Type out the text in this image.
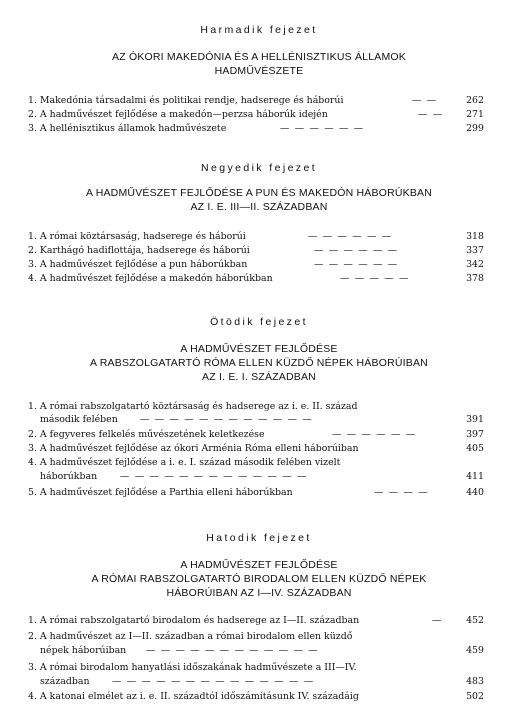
Harmadik fejezet
AZ ÓKORI MAKEDÓNIA ÉS A HELLÉNISZTIKUS ÁLLAMOK
HADMŰVÉSZETE
1. Makedónia társadalmi és politikai rendje, hadserege és háborúi	— —	262
2. A hadművészet fejlődése a makedón—perzsa háborúk idején	— — 271
3. A hellénisztikus államok hadművészete	— — — — — —	299
Negyedik fejezet
A HADMŰVÉSZET FEJLŐDÉSE A PUN ÉS MAKEDÓN HÁBORÚKBAN
AZ I. E. III—II. SZÁZADBAN
1. A római köztársaság, hadserege és háborúi	— — — — — —	318
2. Karthágó hadiflottája, hadserege és háborúi	— — — — — —	337
3. A hadművészet fejlődése a pun háborúkban	— — — — — —	342
4. A hadművészet fejlődése a makedón háborúkban	— — — — —	378
Ötödik fejezet
A HADMŰVÉSZET FEJLŐDÉSE
A RABSZOLGATARTÓ RÓMA ELLEN KÜZDŐ NÉPEK HÁBORÚIBAN
AZ I. E. I. SZÁZADBAN
1. A római rabszolgatartó köztársaság és hadserege az i. e. II. század
második felében — — — — — — — — — — — —	391
2. A fegyveres felkelés művészetének keletkezése	— — — — — —	397
3. A hadművészet fejlődése az ókori Arménia Róma elleni háborúiban	405
4. A hadművészet fejlődése a i. e. I. század második felében vizelt
háborúkban — — — — — — — — — — — — —	411
5. A hadművészet fejlődése a Parthia elleni háborúkban	— — — —	440
Hatodik fejezet
A HADMŰVÉSZET FEJLŐDÉSE
A RÓMAI RABSZOLGATARTÓ BIRODALOM ELLEN KÜZDŐ NÉPEK
HÁBORÚIBAN AZ I—IV. SZÁZADBAN
1. A római rabszolgatartó birodalom és hadserege az I—II. században	—	452
2. A hadművészet az I—II. században a római birodalom ellen küzdő
népek háborúiban — — — — — — — — — — — —	459
3. A római birodalom hanyatlási időszakának hadművészete a III—IV.
században — — — — — — — — — — — — — —	483
4. A katonai elmélet az i. e. II. századtól időszámításunk IV. századáig	502
